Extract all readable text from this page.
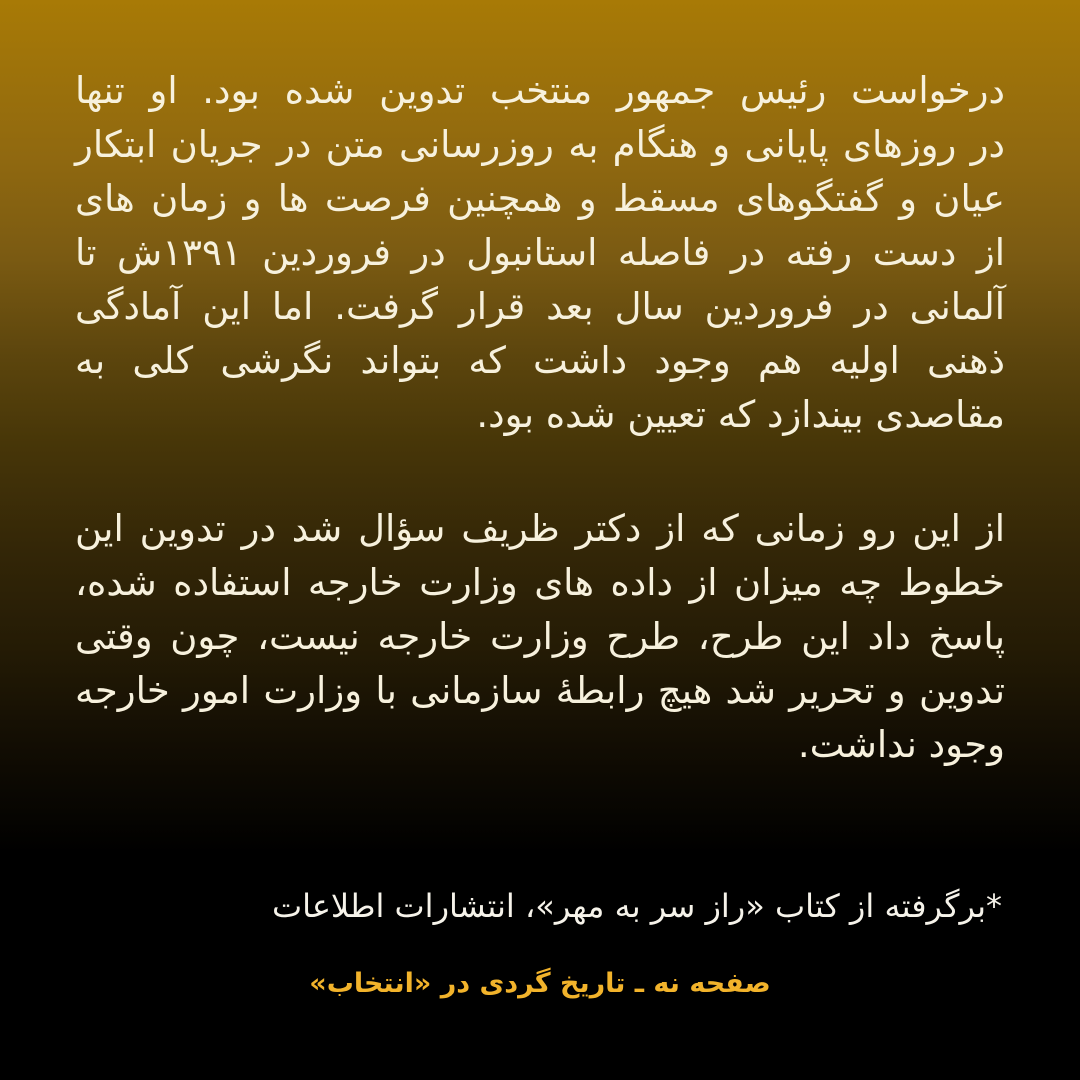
درخواست رئیس جمهور منتخب تدوین شده بود. او تنها
در روزهای پایانی و هنگام به روزرسانی متن در جریان ابتکار
عیان و گفتگوهای مسقط و همچنین فرصت ها و زمان های
از دست رفته در فاصله استانبول در فروردین ۱۳۹۱ش تا
آلمانی در فروردین سال بعد قرار گرفت. اما این آمادگی
ذهنی اولیه هم وجود داشت که بتواند نگرشی کلی به
مقاصدی بیندازد که تعیین شده بود.
از این رو زمانی که از دکتر ظریف سؤال شد در تدوین این
خطوط چه میزان از داده های وزارت خارجه استفاده شده،
پاسخ داد این طرح، طرح وزارت خارجه نیست، چون وقتی
تدوین و تحریر شد هیچ رابطهٔ سازمانی با وزارت امور خارجه
وجود نداشت.
*برگرفته از کتاب «راز سر به مهر»، انتشارات اطلاعات
صفحه نه ـ تاریخ گردی در «انتخاب»
